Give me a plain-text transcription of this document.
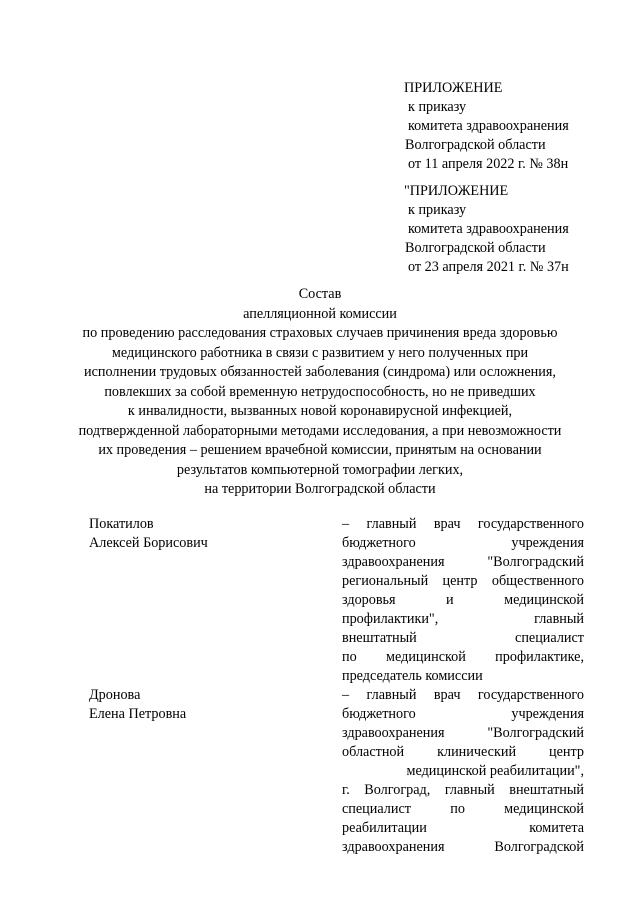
ПРИЛОЖЕНИЕ
к приказу
комитета здравоохранения
Волгоградской области
от 11 апреля 2022 г. № 38н
"ПРИЛОЖЕНИЕ
к приказу
комитета здравоохранения
Волгоградской области
от 23 апреля 2021 г. № 37н
Состав
апелляционной комиссии
по проведению расследования страховых случаев причинения вреда здоровью
медицинского работника в связи с развитием у него полученных при
исполнении трудовых обязанностей заболевания (синдрома) или осложнения,
повлекших за собой временную нетрудоспособность, но не приведших
к инвалидности, вызванных новой коронавирусной инфекцией,
подтвержденной лабораторными методами исследования, а при невозможности
их проведения – решением врачебной комиссии, принятым на основании
результатов компьютерной томографии легких,
на территории Волгоградской области
Покатилов
Алексей Борисович
– главный врач государственного
бюджетного учреждения
здравоохранения "Волгоградский
региональный центр общественного
здоровья и медицинской
профилактики", главный
внештатный специалист
по медицинской профилактике,
председатель комиссии
Дронова
Елена Петровна
– главный врач государственного
бюджетного учреждения
здравоохранения "Волгоградский
областной клинический центр
медицинской реабилитации",
г. Волгоград, главный внештатный
специалист по медицинской
реабилитации комитета
здравоохранения Волгоградской
